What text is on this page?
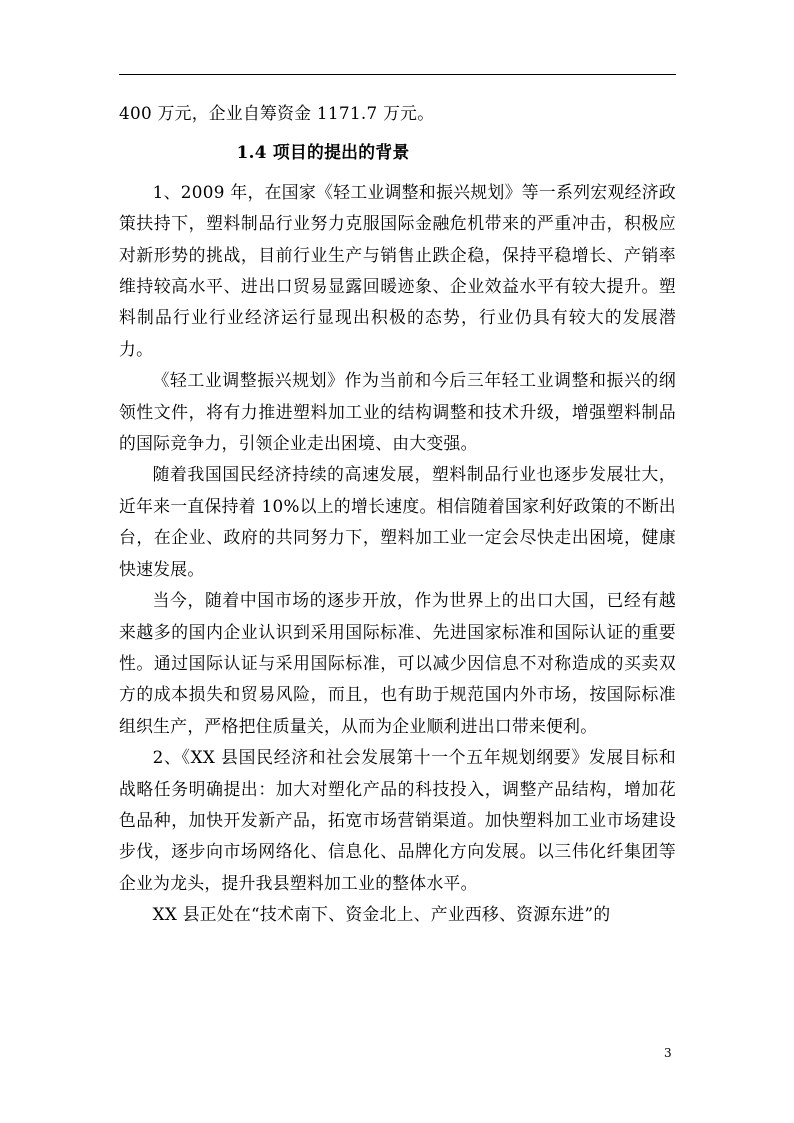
400 万元，企业自筹资金 1171.7 万元。

1.4 项目的提出的背景

1、2009 年，在国家《轻工业调整和振兴规划》等一系列宏观经济政策扶持下，塑料制品行业努力克服国际金融危机带来的严重冲击，积极应对新形势的挑战，目前行业生产与销售止跌企稳，保持平稳增长、产销率维持较高水平、进出口贸易显露回暖迹象、企业效益水平有较大提升。塑料制品行业行业经济运行显现出积极的态势，行业仍具有较大的发展潜力。

《轻工业调整振兴规划》作为当前和今后三年轻工业调整和振兴的纲领性文件，将有力推进塑料加工业的结构调整和技术升级，增强塑料制品的国际竞争力，引领企业走出困境、由大变强。

随着我国国民经济持续的高速发展，塑料制品行业也逐步发展壮大，近年来一直保持着 10%以上的增长速度。相信随着国家利好政策的不断出台，在企业、政府的共同努力下，塑料加工业一定会尽快走出困境，健康快速发展。

当今，随着中国市场的逐步开放，作为世界上的出口大国，已经有越来越多的国内企业认识到采用国际标准、先进国家标准和国际认证的重要性。通过国际认证与采用国际标准，可以减少因信息不对称造成的买卖双方的成本损失和贸易风险，而且，也有助于规范国内外市场，按国际标准组织生产，严格把住质量关，从而为企业顺利进出口带来便利。

2、《XX 县国民经济和社会发展第十一个五年规划纲要》发展目标和战略任务明确提出：加大对塑化产品的科技投入，调整产品结构，增加花色品种，加快开发新产品，拓宽市场营销渠道。加快塑料加工业市场建设步伐，逐步向市场网络化、信息化、品牌化方向发展。以三伟化纤集团等企业为龙头，提升我县塑料加工业的整体水平。

XX 县正处在“技术南下、资金北上、产业西移、资源东进”的

3
